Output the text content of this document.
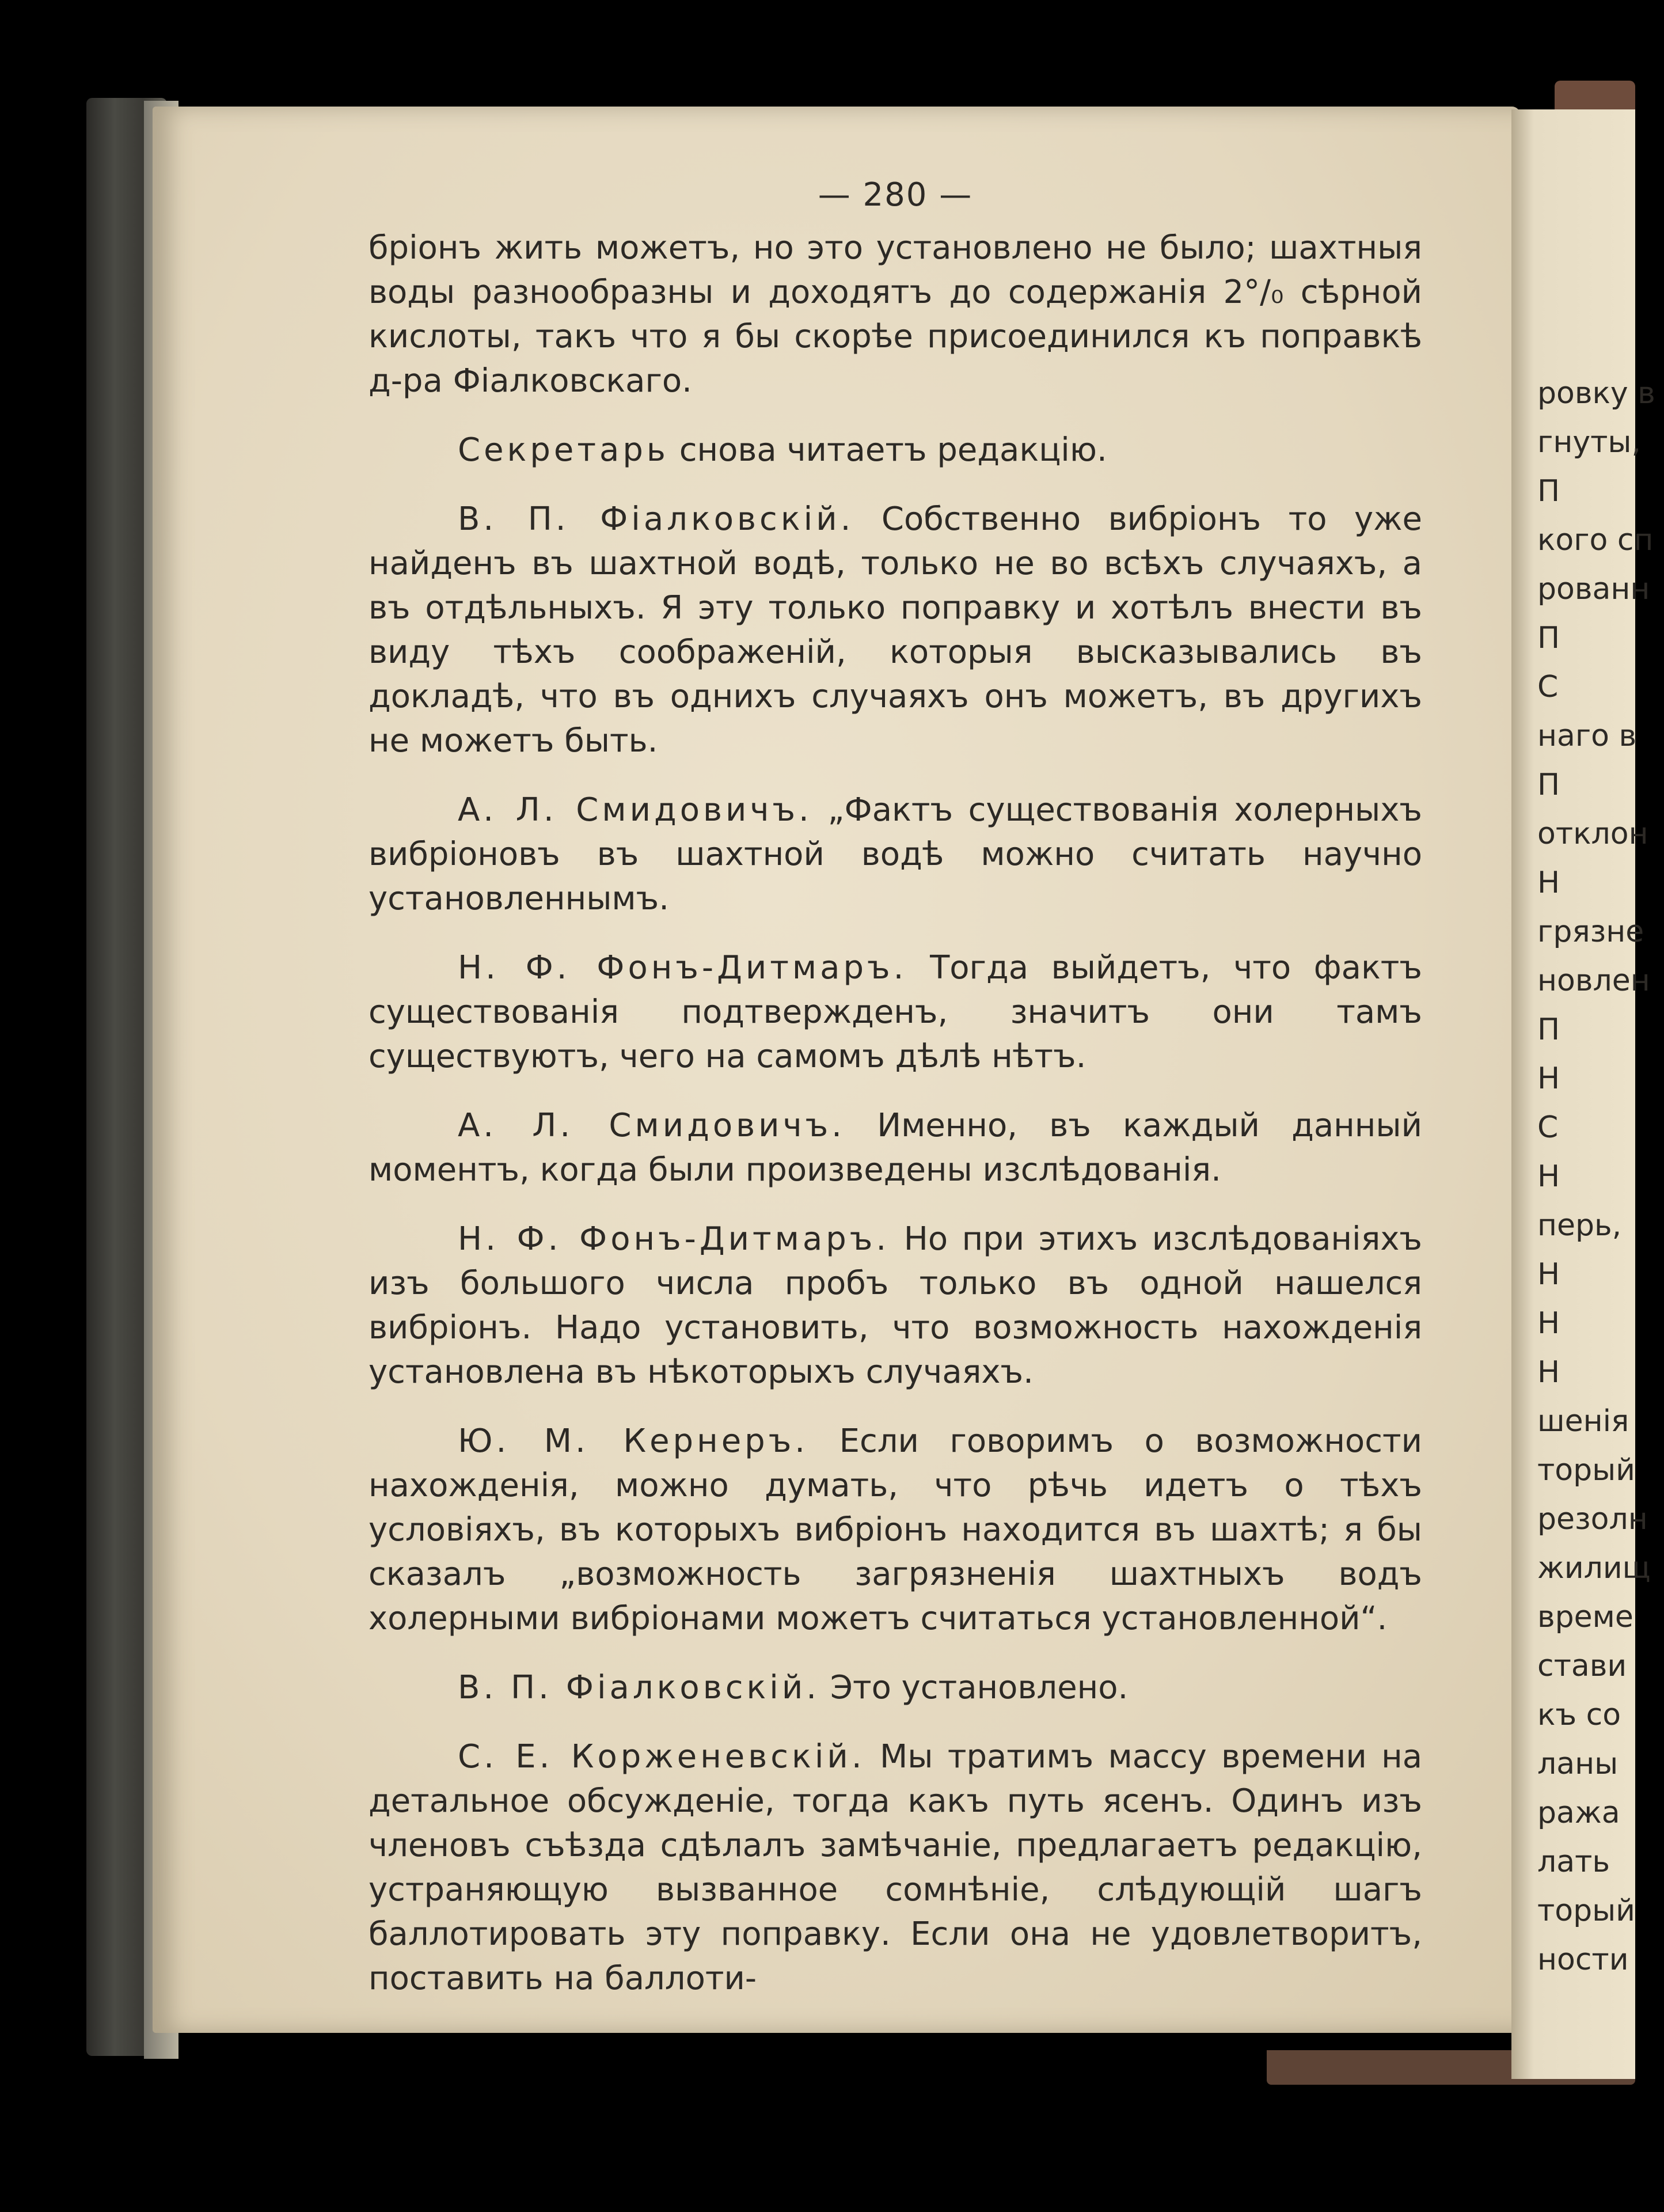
ровку в
гнуты,
П
кого сп
рованн
П
С
наго в
П
отклон
Н
грязне
новлен
П
Н
С
Н
перь,
Н
Н
Н
шенія
торый
резолн
жилищ
време
стави
къ со
ланы
ража
лать
торый
ности
— 280 —

бріонъ жить можетъ, но это установлено не было; шахтныя воды разнообразны и доходятъ до содержанія 2°/₀ сѣрной кислоты, такъ что я бы скорѣе присоединился къ поправкѣ д-ра Фіалковскаго.

Секретарь снова читаетъ редакцію.

В. П. Фіалковскій. Собственно вибріонъ то уже найденъ въ шахтной водѣ, только не во всѣхъ случаяхъ, а въ отдѣльныхъ. Я эту только поправку и хотѣлъ внести въ виду тѣхъ соображеній, которыя высказывались въ докладѣ, что въ однихъ случаяхъ онъ можетъ, въ другихъ не можетъ быть.

А. Л. Смидовичъ. „Фактъ существованія холерныхъ вибріоновъ въ шахтной водѣ можно считать научно установленнымъ.

Н. Ф. Фонъ-Дитмаръ. Тогда выйдетъ, что фактъ существованія подтвержденъ, значитъ они тамъ существуютъ, чего на самомъ дѣлѣ нѣтъ.

А. Л. Смидовичъ. Именно, въ каждый данный моментъ, когда были произведены изслѣдованія.

Н. Ф. Фонъ-Дитмаръ. Но при этихъ изслѣдованіяхъ изъ большого числа пробъ только въ одной нашелся вибріонъ. Надо установить, что возможность нахожденія установлена въ нѣкоторыхъ случаяхъ.

Ю. М. Кернеръ. Если говоримъ о возможности нахожденія, можно думать, что рѣчь идетъ о тѣхъ условіяхъ, въ которыхъ вибріонъ находится въ шахтѣ; я бы сказалъ „возможность загрязненія шахтныхъ водъ холерными вибріонами можетъ считаться установленной“.

В. П. Фіалковскій. Это установлено.

С. Е. Корженевскій. Мы тратимъ массу времени на детальное обсужденіе, тогда какъ путь ясенъ. Одинъ изъ членовъ съѣзда сдѣлалъ замѣчаніе, предлагаетъ редакцію, устраняющую вызванное сомнѣніе, слѣдующій шагъ баллотировать эту поправку. Если она не удовлетворитъ, поставить на баллоти-
